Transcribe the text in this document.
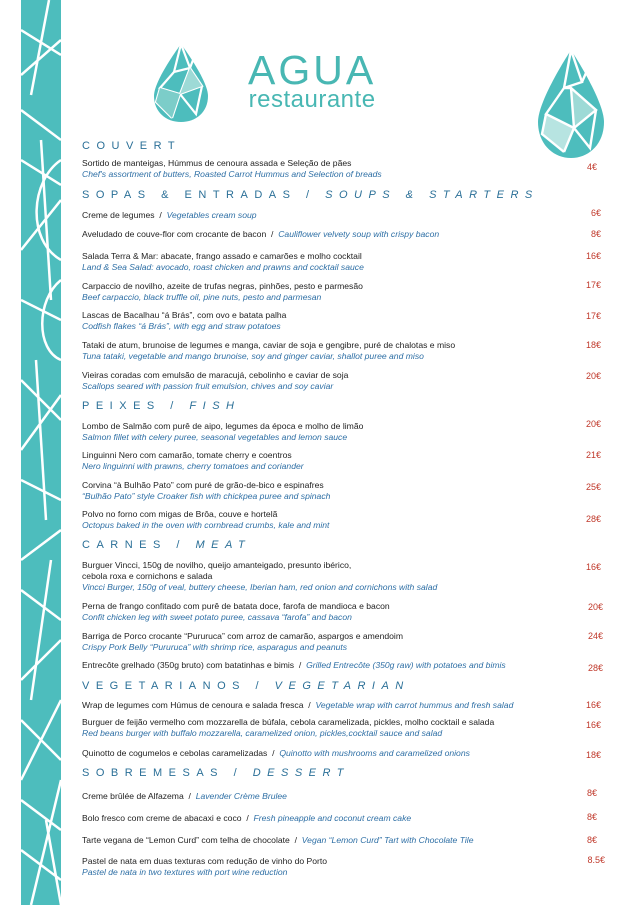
AGUA
restaurante
COUVERT
Sortido de manteigas, Húmmus de cenoura assada e Seleção de pães
Chef's assortment of butters, Roasted Carrot Hummus and Selection of breads
4€
SOPAS & ENTRADAS / SOUPS & STARTERS
Creme de legumes  /  Vegetables cream soup	6€
Aveludado de couve-flor com crocante de bacon  /  Cauliflower velvety soup with crispy bacon	8€
Salada Terra & Mar: abacate, frango assado e camarões e molho cocktail
Land & Sea Salad: avocado, roast chicken and prawns and cocktail sauce
16€
Carpaccio de novilho, azeite de trufas negras, pinhões, pesto e parmesão
Beef carpaccio, black truffle oil, pine nuts, pesto and parmesan
17€
Lascas de Bacalhau “á Brás”, com ovo e batata palha
Codfish flakes “á Brás”, with egg and straw potatoes
17€
Tataki de atum, brunoise de legumes e manga, caviar de soja e gengibre, puré de chalotas e miso
Tuna tataki, vegetable and mango brunoise, soy and ginger caviar, shallot puree and miso
18€
Vieiras coradas com emulsão de maracujá, cebolinho e caviar de soja
Scallops seared with passion fruit emulsion, chives and soy caviar
20€
PEIXES / FISH
Lombo de Salmão com purê de aipo, legumes da época e molho de limão
Salmon fillet with celery puree, seasonal vegetables and lemon sauce
20€
Linguinni Nero com camarão, tomate cherry e coentros
Nero linguinni with prawns, cherry tomatoes and coriander
21€
Corvina “à Bulhão Pato” com puré de grão-de-bico e espinafres
“Bulhão Pato” style Croaker fish with chickpea puree and spinach
25€
Polvo no forno com migas de Brôa, couve e hortelã
Octopus baked in the oven with cornbread crumbs, kale and mint
28€
CARNES / MEAT
Burguer Vincci, 150g de novilho, queijo amanteigado, presunto ibérico,
cebola roxa e cornichons e salada
Vincci Burger, 150g of veal, buttery cheese, Iberian ham, red onion and cornichons with salad
16€
Perna de frango confitado com purê de batata doce, farofa de mandioca e bacon
Confit chicken leg with sweet potato puree, cassava “farofa” and bacon
20€
Barriga de Porco crocante “Pururuca” com arroz de camarão, aspargos e amendoim
Crispy Pork Belly “Pururuca” with shrimp rice, asparagus and peanuts
24€
Entrecôte grelhado (350g bruto) com batatinhas e bimis  /  Grilled Entrecôte (350g raw) with potatoes and bimis	28€
VEGETARIANOS / VEGETARIAN
Wrap de legumes com Húmus de cenoura e salada fresca  /  Vegetable wrap with carrot hummus and fresh salad	16€
Burguer de feijão vermelho com mozzarella de búfala, cebola caramelizada, pickles, molho cocktail e salada
Red beans burger with buffalo mozzarella, caramelized onion, pickles,cocktail sauce and salad
16€
Quinotto de cogumelos e cebolas caramelizadas  /  Quinotto with mushrooms and caramelized onions	18€
SOBREMESAS / DESSERT
Creme brûlée de Alfazema  /  Lavender Crème Brulee	8€
Bolo fresco com creme de abacaxi e coco  /  Fresh pineapple and coconut cream cake	8€
Tarte vegana de “Lemon Curd” com telha de chocolate  /  Vegan “Lemon Curd” Tart with Chocolate Tile	8€
Pastel de nata em duas texturas com redução de vinho do Porto
Pastel de nata in two textures with port wine reduction
8.5€
